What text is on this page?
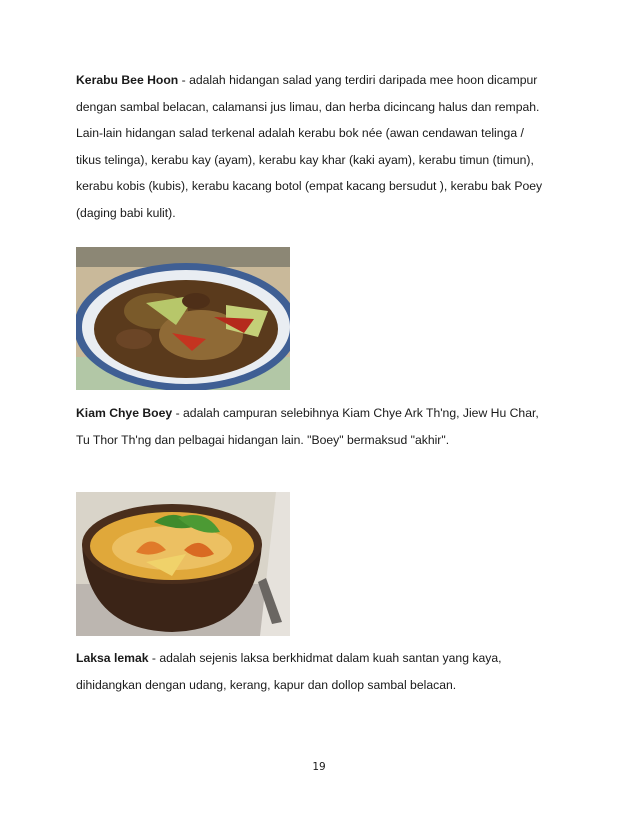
Kerabu Bee Hoon - adalah hidangan salad yang terdiri daripada mee hoon dicampur
dengan sambal belacan, calamansi jus limau, dan herba dicincang halus dan rempah.
Lain-lain hidangan salad terkenal adalah kerabu bok née (awan cendawan telinga /
tikus telinga), kerabu kay (ayam), kerabu kay khar (kaki ayam), kerabu timun (timun),
kerabu kobis (kubis), kerabu kacang botol (empat kacang bersudut ), kerabu bak Poey
(daging babi kulit).
Kiam Chye Boey - adalah campuran selebihnya Kiam Chye Ark Th'ng, Jiew Hu Char,
Tu Thor Th'ng dan pelbagai hidangan lain. "Boey" bermaksud "akhir".
Laksa lemak - adalah sejenis laksa berkhidmat dalam kuah santan yang kaya,
dihidangkan dengan udang, kerang, kapur dan dollop sambal belacan.
19
